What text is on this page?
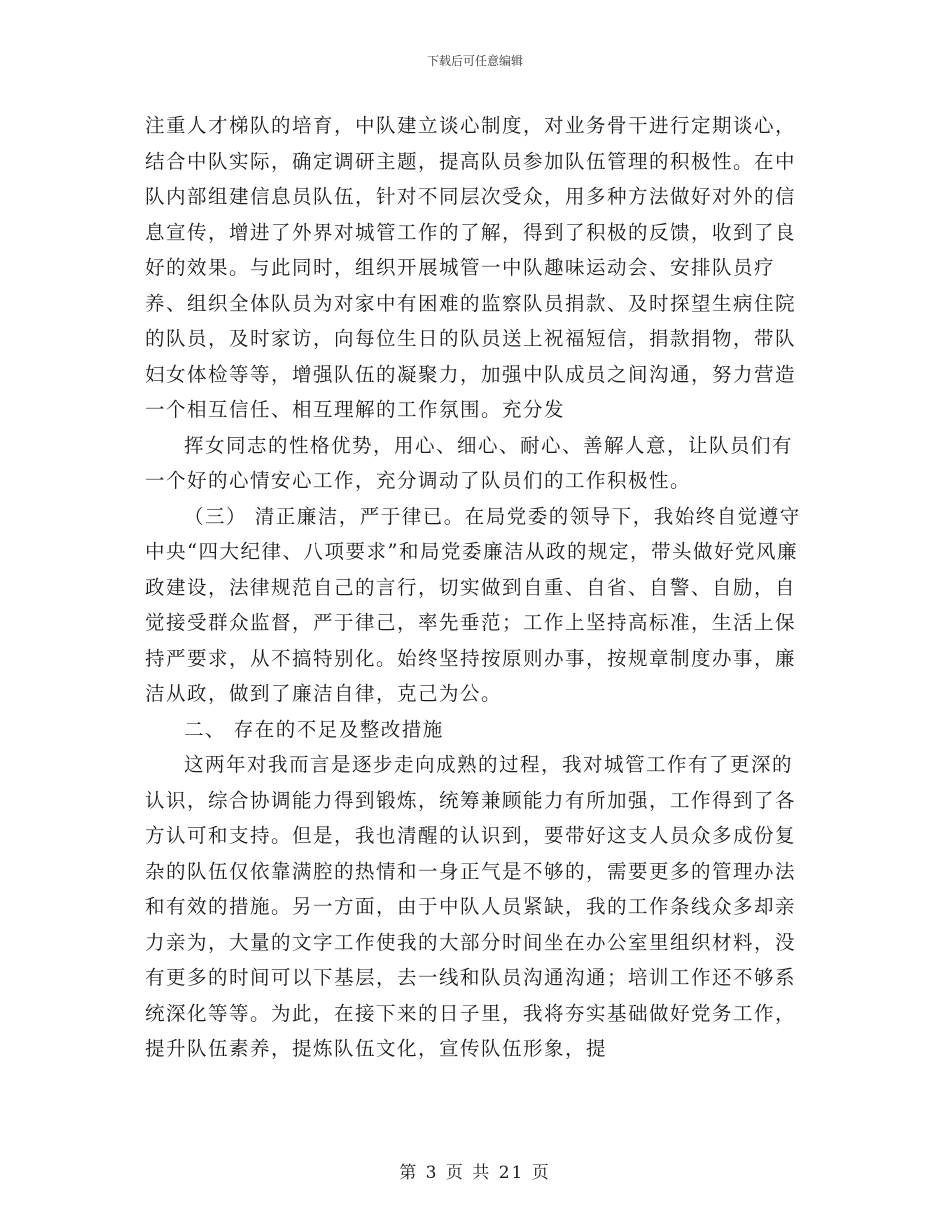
下载后可任意编辑

注重人才梯队的培育，中队建立谈心制度，对业务骨干进行定期谈心，结合中队实际，确定调研主题，提高队员参加队伍管理的积极性。在中队内部组建信息员队伍，针对不同层次受众，用多种方法做好对外的信息宣传，增进了外界对城管工作的了解，得到了积极的反馈，收到了良好的效果。与此同时，组织开展城管一中队趣味运动会、安排队员疗养、组织全体队员为对家中有困难的监察队员捐款、及时探望生病住院的队员，及时家访，向每位生日的队员送上祝福短信，捐款捐物，带队妇女体检等等，增强队伍的凝聚力，加强中队成员之间沟通，努力营造一个相互信任、相互理解的工作氛围。充分发

挥女同志的性格优势，用心、细心、耐心、善解人意，让队员们有一个好的心情安心工作，充分调动了队员们的工作积极性。

（三） 清正廉洁，严于律已。在局党委的领导下，我始终自觉遵守中央“四大纪律、八项要求”和局党委廉洁从政的规定，带头做好党风廉政建设，法律规范自己的言行，切实做到自重、自省、自警、自励，自觉接受群众监督，严于律己，率先垂范；工作上坚持高标准，生活上保持严要求，从不搞特别化。始终坚持按原则办事，按规章制度办事，廉洁从政，做到了廉洁自律，克己为公。

二、 存在的不足及整改措施

这两年对我而言是逐步走向成熟的过程，我对城管工作有了更深的认识，综合协调能力得到锻炼，统筹兼顾能力有所加强，工作得到了各方认可和支持。但是，我也清醒的认识到，要带好这支人员众多成份复杂的队伍仅依靠满腔的热情和一身正气是不够的，需要更多的管理办法和有效的措施。另一方面，由于中队人员紧缺，我的工作条线众多却亲力亲为，大量的文字工作使我的大部分时间坐在办公室里组织材料，没有更多的时间可以下基层，去一线和队员沟通沟通；培训工作还不够系统深化等等。为此，在接下来的日子里，我将夯实基础做好党务工作，提升队伍素养，提炼队伍文化，宣传队伍形象，提

第 3 页 共 21 页
